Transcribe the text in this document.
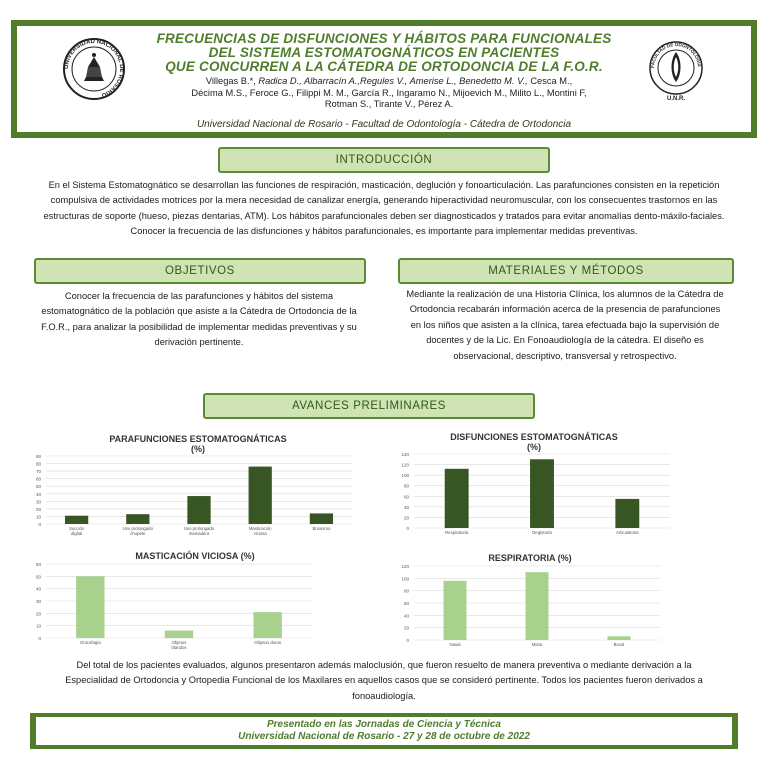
UNIVERSIDAD NACIONAL DE ROSARIO
FACULTAD DE ODONTOLOGÍA
U.N.R.
FRECUENCIAS DE DISFUNCIONES Y HÁBITOS PARA FUNCIONALES
DEL SISTEMA ESTOMATOGNÁTICOS EN PACIENTES
QUE CONCURREN A LA CÁTEDRA DE ORTODONCIA DE LA F.O.R.
Villegas B.*, Radica D., Albarracín A.,Regules V., Amerise L., Benedetto M. V., Cesca M.,
Décima M.S., Feroce G., Filippi M. M., García R., Ingaramo N., Mijoevich M., Milito L., Montini F,
Rotman S., Tirante V., Pérez A.
Universidad Nacional de Rosario - Facultad de Odontología - Cátedra de Ortodoncia
INTRODUCCIÓN
En el Sistema Estomatognático se desarrollan las funciones de respiración, masticación, deglución y fonoarticulación. Las parafunciones consisten en la repetición compulsiva de actividades motrices por la mera necesidad de canalizar energía, generando hiperactividad neuromuscular, con los consecuentes trastornos en las estructuras de soporte (hueso, piezas dentarias, ATM). Los hábitos parafuncionales deben ser diagnosticados y tratados para evitar anomalías dento-máxilo-faciales. Conocer la frecuencia de las disfunciones y hábitos parafuncionales, es importante para implementar medidas preventivas.
OBJETIVOS
Conocer la frecuencia de las parafunciones y hábitos del sistema estomatognático de la población que asiste a la Cátedra de Ortodoncia de la F.O.R., para analizar la posibilidad de implementar medidas preventivas y su derivación pertinente.
MATERIALES Y MÉTODOS
Mediante la realización de una Historia Clínica, los alumnos de la Cátedra de Ortodoncia recabarán información acerca de la presencia de parafunciones en los niños que asisten a la clínica, tarea efectuada bajo la supervisión de docentes y de la Lic. En Fonoaudiología de la cátedra. El diseño es observacional, descriptivo, transversal y retrospectivo.
AVANCES PRELIMINARES
PARAFUNCIONES ESTOMATOGNÁTICAS
(%)
0
10
20
30
40
50
60
70
80
90
Succión
digital
Uso prolongado
chupete
Uso prolongado
mamadera
Masticación
viciosa
Bruxismo
DISFUNCIONES ESTOMATOGNÁTICAS
(%)
0
20
40
60
80
100
120
140
Respiratoria	Deglutoria	Articulatoria
MASTICACIÓN VICIOSA (%)
0
10
20
30
40
50
60
Onicofagia	Objetos
blandos
Objetos duros
RESPIRATORIA (%)
0
20
40
60
80
100
120
Nasal	Mixta	Bucal
Del total de los pacientes evaluados, algunos presentaron además maloclusión, que fueron resuelto de manera preventiva o mediante derivación a la Especialidad de Ortodoncia y Ortopedia Funcional de los Maxilares en aquellos casos que se consideró pertinente. Todos los pacientes fueron derivados a fonoaudiología.
Presentado en las Jornadas de Ciencia y Técnica
Universidad Nacional de Rosario - 27 y 28 de octubre de 2022
